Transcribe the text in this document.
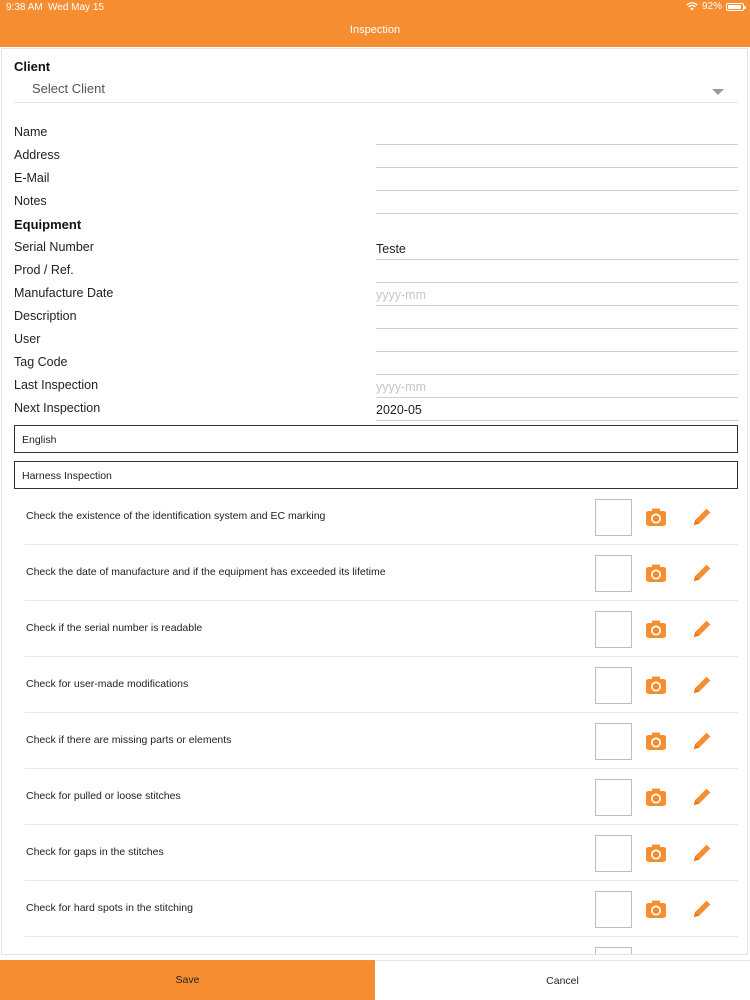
9:38 AM Wed May 15	92%
Inspection
Client
Select Client
Name
Address
E-Mail
Notes
Equipment
Serial Number
Teste
Prod / Ref.
Manufacture Date
yyyy-mm
Description
User
Tag Code
Last Inspection
yyyy-mm
Next Inspection
2020-05
English
Harness Inspection
Check the existence of the identification system and EC marking
Check the date of manufacture and if the equipment has exceeded its lifetime
Check if the serial number is readable
Check for user-made modifications
Check if there are missing parts or elements
Check for pulled or loose stitches
Check for gaps in the stitches
Check for hard spots in the stitching
Save	Cancel
